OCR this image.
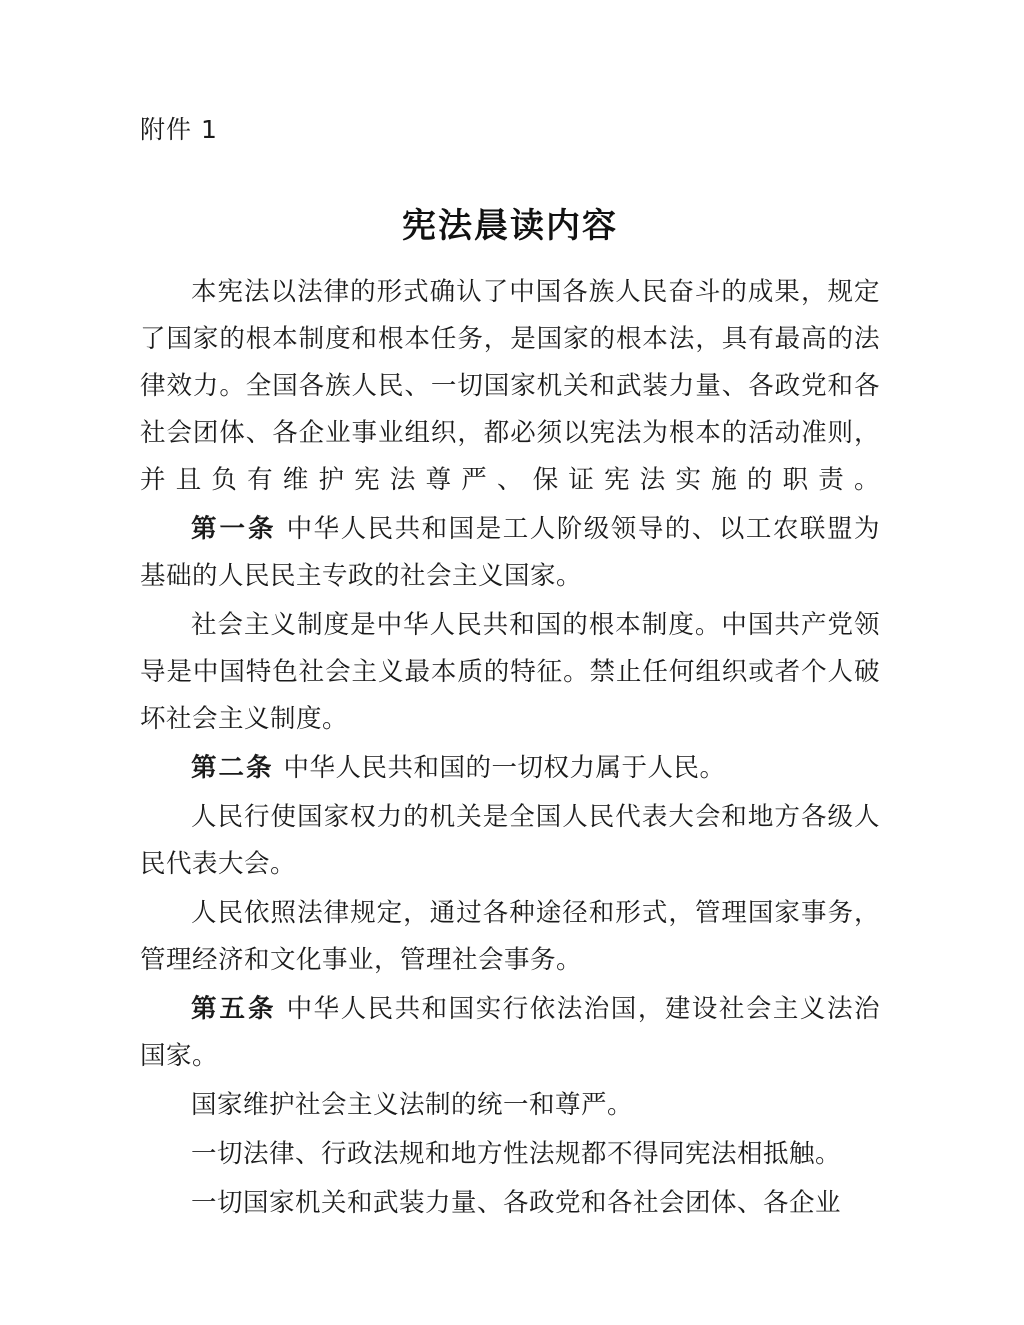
附件 1
宪法晨读内容

本宪法以法律的形式确认了中国各族人民奋斗的成果，规定了国家的根本制度和根本任务，是国家的根本法，具有最高的法律效力。全国各族人民、一切国家机关和武装力量、各政党和各社会团体、各企业事业组织，都必须以宪法为根本的活动准则，并且负有维护宪法尊严、保证宪法实施的职责。

第一条 中华人民共和国是工人阶级领导的、以工农联盟为基础的人民民主专政的社会主义国家。

社会主义制度是中华人民共和国的根本制度。中国共产党领导是中国特色社会主义最本质的特征。禁止任何组织或者个人破坏社会主义制度。

第二条 中华人民共和国的一切权力属于人民。

人民行使国家权力的机关是全国人民代表大会和地方各级人民代表大会。

人民依照法律规定，通过各种途径和形式，管理国家事务，管理经济和文化事业，管理社会事务。

第五条 中华人民共和国实行依法治国，建设社会主义法治国家。

国家维护社会主义法制的统一和尊严。

一切法律、行政法规和地方性法规都不得同宪法相抵触。

一切国家机关和武装力量、各政党和各社会团体、各企业
